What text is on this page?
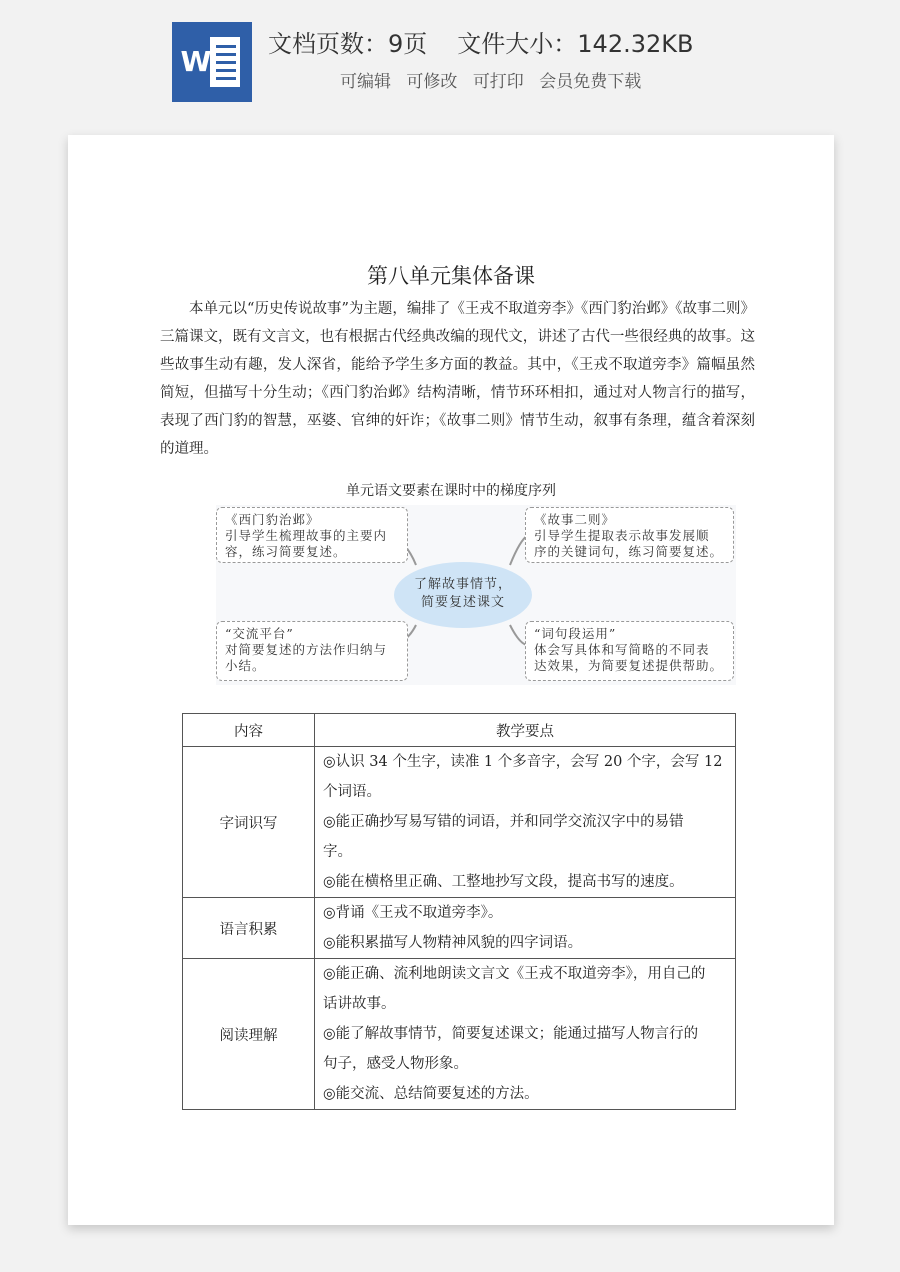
W
文档页数：9页 文件大小：142.32KB
可编辑 可修改 可打印 会员免费下载
第八单元集体备课

本单元以“历史传说故事”为主题，编排了《王戎不取道旁李》《西门豹治邺》《故事二则》三篇课文，既有文言文，也有根据古代经典改编的现代文，讲述了古代一些很经典的故事。这些故事生动有趣，发人深省，能给予学生多方面的教益。其中，《王戎不取道旁李》篇幅虽然简短，但描写十分生动；《西门豹治邺》结构清晰，情节环环相扣，通过对人物言行的描写，表现了西门豹的智慧，巫婆、官绅的奸诈；《故事二则》情节生动，叙事有条理，蕴含着深刻的道理。

单元语文要素在课时中的梯度序列
《西门豹治邺》
引导学生梳理故事的主要内
容，练习简要复述。
《故事二则》
引导学生提取表示故事发展顺
序的关键词句，练习简要复述。
了解故事情节，
简要复述课文
“交流平台”
对简要复述的方法作归纳与
小结。
“词句段运用”
体会写具体和写简略的不同表
达效果，为简要复述提供帮助。
内容	教学要点
字词识写	◎认识 34 个生字，读准 1 个多音字，会写 20 个字，会写 12
个词语。
◎能正确抄写易写错的词语，并和同学交流汉字中的易错
字。
◎能在横格里正确、工整地抄写文段，提高书写的速度。

语言积累	◎背诵《王戎不取道旁李》。
◎能积累描写人物精神风貌的四字词语。

阅读理解	◎能正确、流利地朗读文言文《王戎不取道旁李》，用自己的
话讲故事。
◎能了解故事情节，简要复述课文；能通过描写人物言行的
句子，感受人物形象。
◎能交流、总结简要复述的方法。
